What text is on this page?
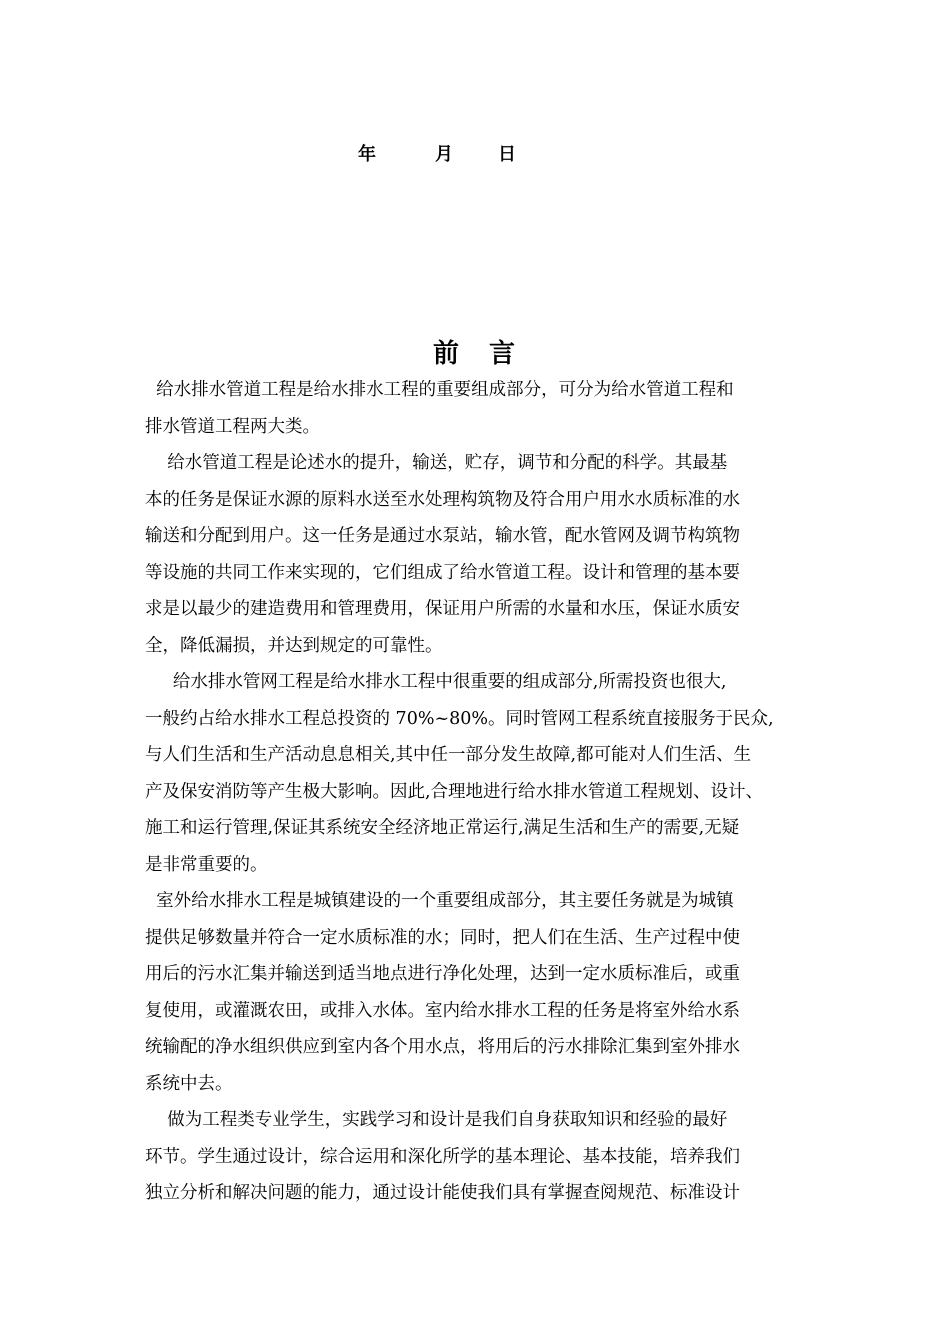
年	月	日
前言
给水排水管道工程是给水排水工程的重要组成部分，可分为给水管道工程和
排水管道工程两大类。
给水管道工程是论述水的提升，输送，贮存，调节和分配的科学。其最基
本的任务是保证水源的原料水送至水处理构筑物及符合用户用水水质标准的水
输送和分配到用户。这一任务是通过水泵站，输水管，配水管网及调节构筑物
等设施的共同工作来实现的，它们组成了给水管道工程。设计和管理的基本要
求是以最少的建造费用和管理费用，保证用户所需的水量和水压，保证水质安
全，降低漏损，并达到规定的可靠性。
给水排水管网工程是给水排水工程中很重要的组成部分,所需投资也很大,
一般约占给水排水工程总投资的 70%~80%。同时管网工程系统直接服务于民众,
与人们生活和生产活动息息相关,其中任一部分发生故障,都可能对人们生活、生
产及保安消防等产生极大影响。因此,合理地进行给水排水管道工程规划、设计、
施工和运行管理,保证其系统安全经济地正常运行,满足生活和生产的需要,无疑
是非常重要的。
室外给水排水工程是城镇建设的一个重要组成部分，其主要任务就是为城镇
提供足够数量并符合一定水质标准的水；同时，把人们在生活、生产过程中使
用后的污水汇集并输送到适当地点进行净化处理，达到一定水质标准后，或重
复使用，或灌溉农田，或排入水体。室内给水排水工程的任务是将室外给水系
统输配的净水组织供应到室内各个用水点，将用后的污水排除汇集到室外排水
系统中去。
做为工程类专业学生，实践学习和设计是我们自身获取知识和经验的最好
环节。学生通过设计，综合运用和深化所学的基本理论、基本技能，培养我们
独立分析和解决问题的能力，通过设计能使我们具有掌握查阅规范、标准设计
